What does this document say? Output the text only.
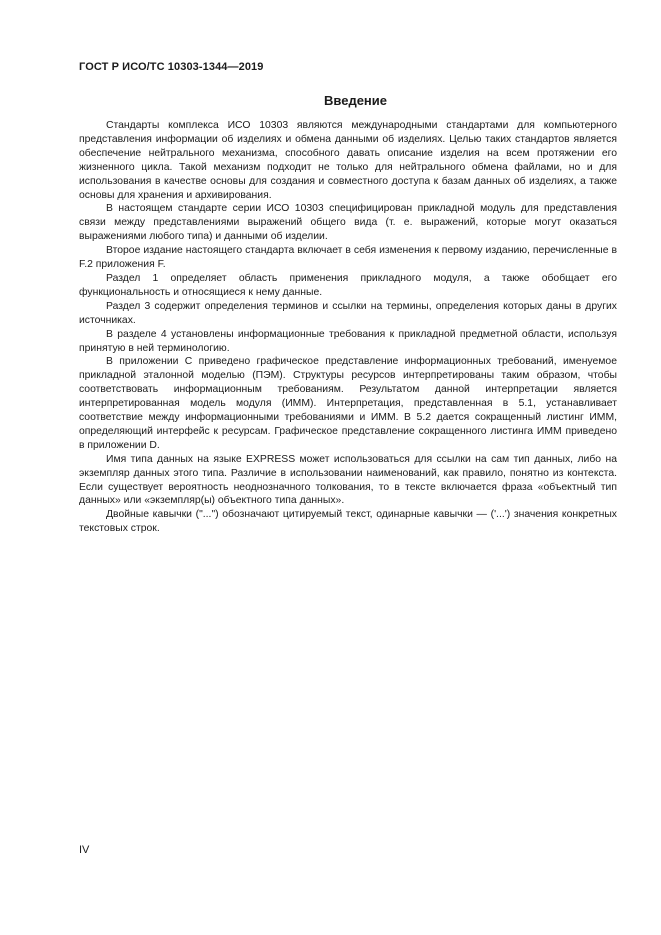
ГОСТ Р ИСО/ТС 10303-1344—2019
Введение

Стандарты комплекса ИСО 10303 являются международными стандартами для компьютерного представления информации об изделиях и обмена данными об изделиях. Целью таких стандартов является обеспечение нейтрального механизма, способного давать описание изделия на всем протяжении его жизненного цикла. Такой механизм подходит не только для нейтрального обмена файлами, но и для использования в качестве основы для создания и совместного доступа к базам данных об изделиях, а также основы для хранения и архивирования.

В настоящем стандарте серии ИСО 10303 специфицирован прикладной модуль для представления связи между представлениями выражений общего вида (т. е. выражений, которые могут оказаться выражениями любого типа) и данными об изделии.

Второе издание настоящего стандарта включает в себя изменения к первому изданию, перечисленные в F.2 приложения F.

Раздел 1 определяет область применения прикладного модуля, а также обобщает его функциональность и относящиеся к нему данные.

Раздел 3 содержит определения терминов и ссылки на термины, определения которых даны в других источниках.

В разделе 4 установлены информационные требования к прикладной предметной области, используя принятую в ней терминологию.

В приложении С приведено графическое представление информационных требований, именуемое прикладной эталонной моделью (ПЭМ). Структуры ресурсов интерпретированы таким образом, чтобы соответствовать информационным требованиям. Результатом данной интерпретации является интерпретированная модель модуля (ИММ). Интерпретация, представленная в 5.1, устанавливает соответствие между информационными требованиями и ИММ. В 5.2 дается сокращенный листинг ИММ, определяющий интерфейс к ресурсам. Графическое представление сокращенного листинга ИММ приведено в приложении D.

Имя типа данных на языке EXPRESS может использоваться для ссылки на сам тип данных, либо на экземпляр данных этого типа. Различие в использовании наименований, как правило, понятно из контекста. Если существует вероятность неоднозначного толкования, то в тексте включается фраза «объектный тип данных» или «экземпляр(ы) объектного типа данных».

Двойные кавычки ("...") обозначают цитируемый текст, одинарные кавычки — ('...') значения конкретных текстовых строк.

IV
